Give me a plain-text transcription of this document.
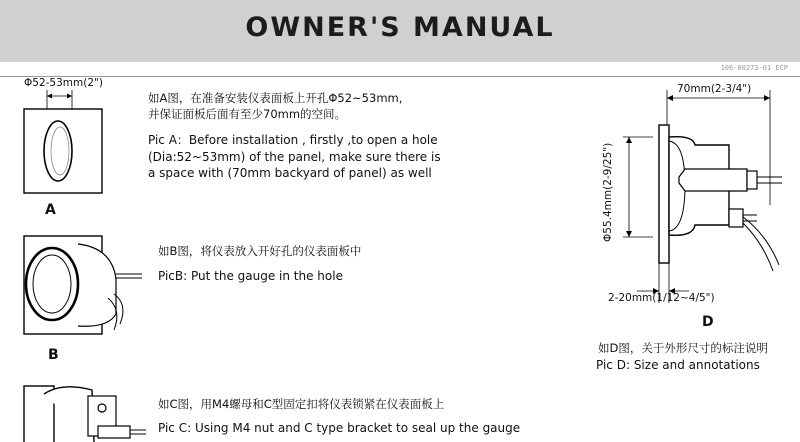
OWNER'S MANUAL
106-00273-01 ECP
Φ52-53mm(2")
A
如A图，在准备安装仪表面板上开孔Φ52~53mm,
并保证面板后面有至少70mm的空间。
Pic A：Before installation , firstly ,to open a hole
(Dia:52~53mm) of the panel, make sure there is
a space with (70mm backyard of panel) as well
B
如B图，将仪表放入开好孔的仪表面板中
PicB: Put the gauge in the hole
如C图，用M4螺母和C型固定扣将仪表锁紧在仪表面板上
Pic C: Using M4 nut and C type bracket to seal up the gauge
70mm(2-3/4")
Φ55.4mm(2-9/25")
2-20mm(1/12~4/5")
D
如D图，关于外形尺寸的标注说明
Pic D: Size and annotations
